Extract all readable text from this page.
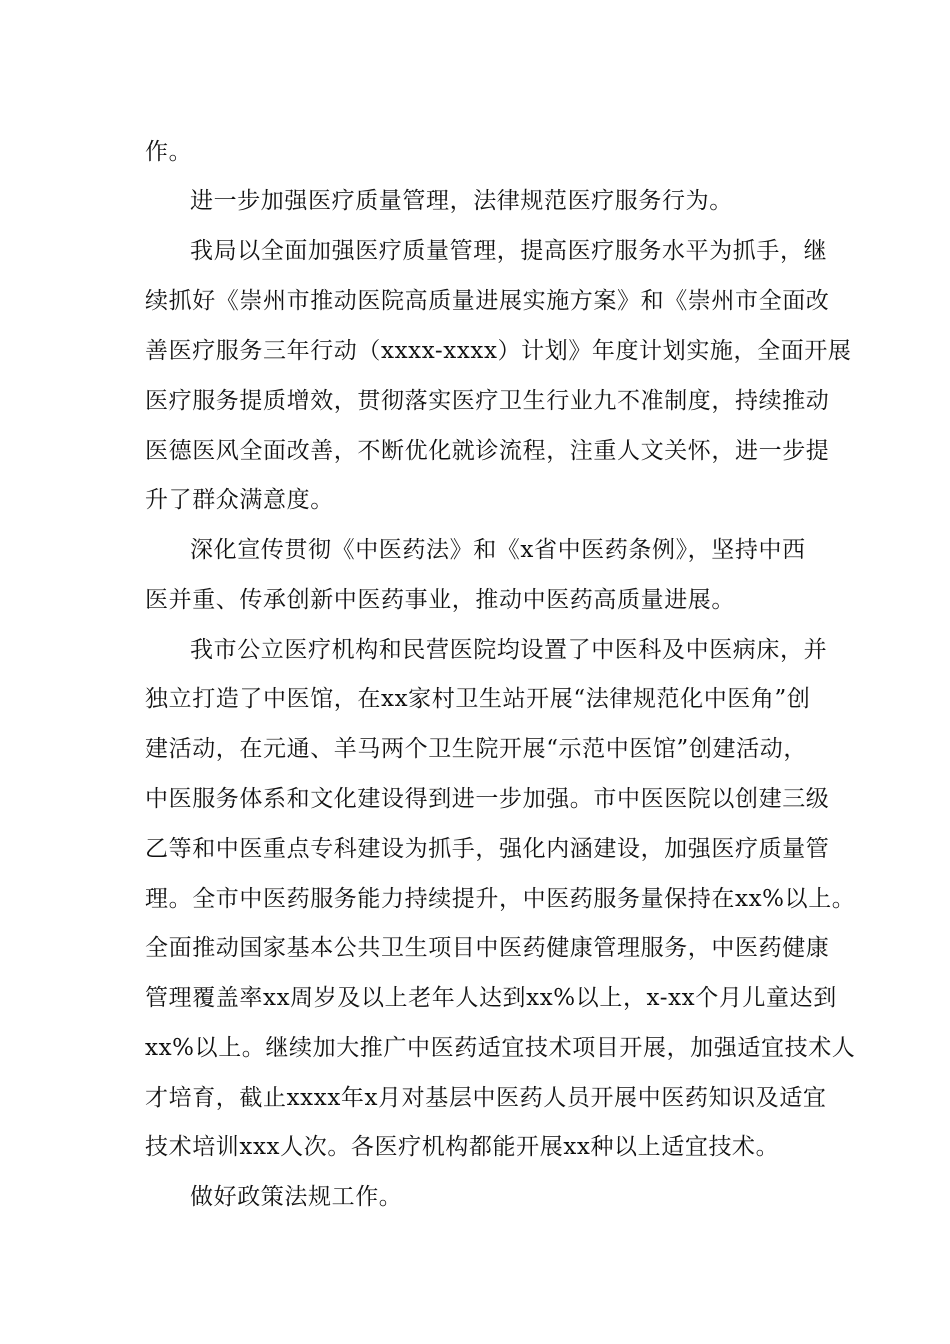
作。
进一步加强医疗质量管理，法律规范医疗服务行为。
我局以全面加强医疗质量管理，提高医疗服务水平为抓手，继
续抓好《崇州市推动医院高质量进展实施方案》和《崇州市全面改
善医疗服务三年行动（xxxx-xxxx）计划》年度计划实施，全面开展
医疗服务提质增效，贯彻落实医疗卫生行业九不准制度，持续推动
医德医风全面改善，不断优化就诊流程，注重人文关怀，进一步提
升了群众满意度。
深化宣传贯彻《中医药法》和《x省中医药条例》，坚持中西
医并重、传承创新中医药事业，推动中医药高质量进展。
我市公立医疗机构和民营医院均设置了中医科及中医病床，并
独立打造了中医馆，在xx家村卫生站开展“法律规范化中医角”创
建活动，在元通、羊马两个卫生院开展“示范中医馆”创建活动，
中医服务体系和文化建设得到进一步加强。市中医医院以创建三级
乙等和中医重点专科建设为抓手，强化内涵建设，加强医疗质量管
理。全市中医药服务能力持续提升，中医药服务量保持在xx%以上。
全面推动国家基本公共卫生项目中医药健康管理服务，中医药健康
管理覆盖率xx周岁及以上老年人达到xx%以上，x-xx个月儿童达到
xx%以上。继续加大推广中医药适宜技术项目开展，加强适宜技术人
才培育，截止xxxx年x月对基层中医药人员开展中医药知识及适宜
技术培训xxx人次。各医疗机构都能开展xx种以上适宜技术。
做好政策法规工作。
